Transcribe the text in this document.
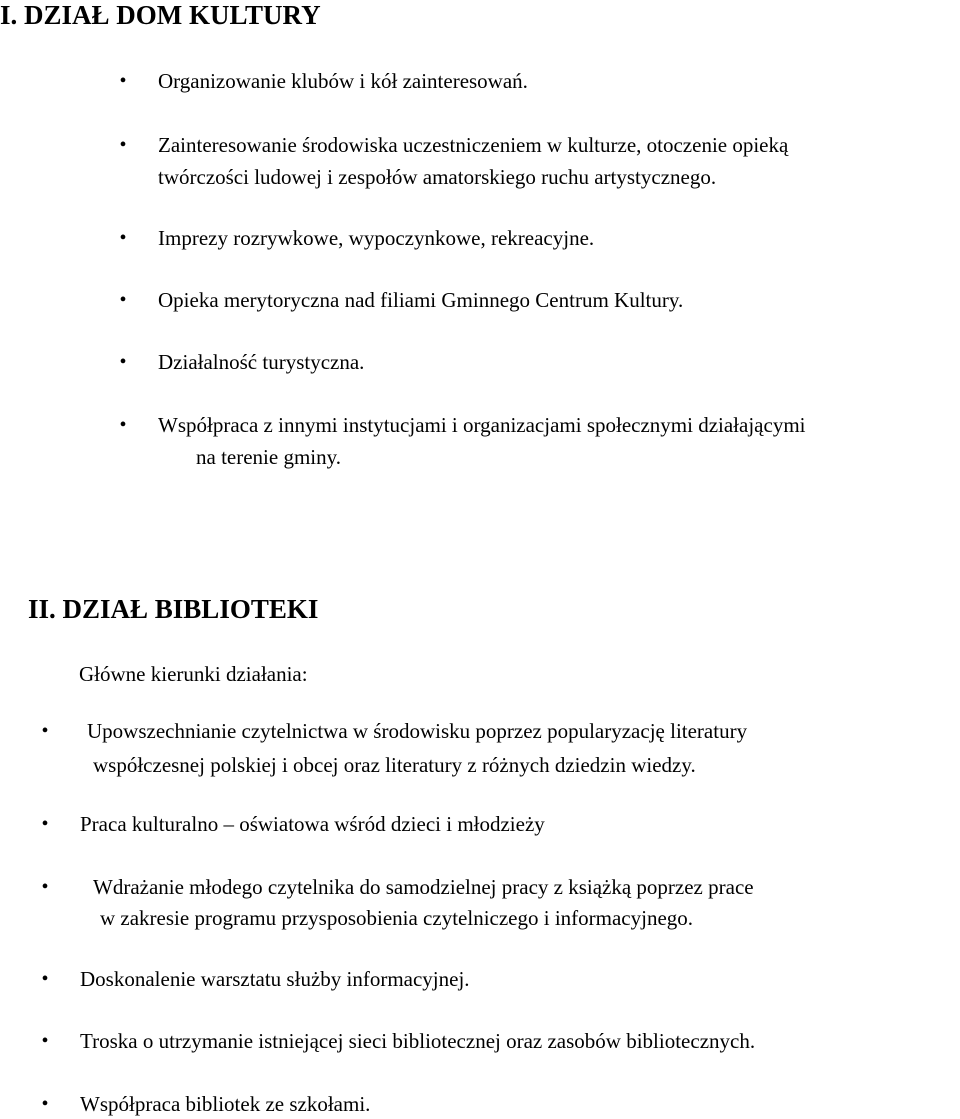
I. DZIAŁ DOM KULTURY
• Organizowanie klubów i kół zainteresowań.
• Zainteresowanie środowiska uczestniczeniem w kulturze, otoczenie opieką
twórczości ludowej i zespołów amatorskiego ruchu artystycznego.
• Imprezy rozrywkowe, wypoczynkowe, rekreacyjne.
• Opieka merytoryczna nad filiami Gminnego Centrum Kultury.
• Działalność turystyczna.
• Współpraca z innymi instytucjami i organizacjami społecznymi działającymi
na terenie gminy.
II. DZIAŁ BIBLIOTEKI
Główne kierunki działania:
• Upowszechnianie czytelnictwa w środowisku poprzez popularyzację literatury
współczesnej polskiej i obcej oraz literatury z różnych dziedzin wiedzy.
• Praca kulturalno – oświatowa wśród dzieci i młodzieży
• Wdrażanie młodego czytelnika do samodzielnej pracy z książką poprzez prace
w zakresie programu przysposobienia czytelniczego i informacyjnego.
• Doskonalenie warsztatu służby informacyjnej.
• Troska o utrzymanie istniejącej sieci bibliotecznej oraz zasobów bibliotecznych.
• Współpraca bibliotek ze szkołami.
